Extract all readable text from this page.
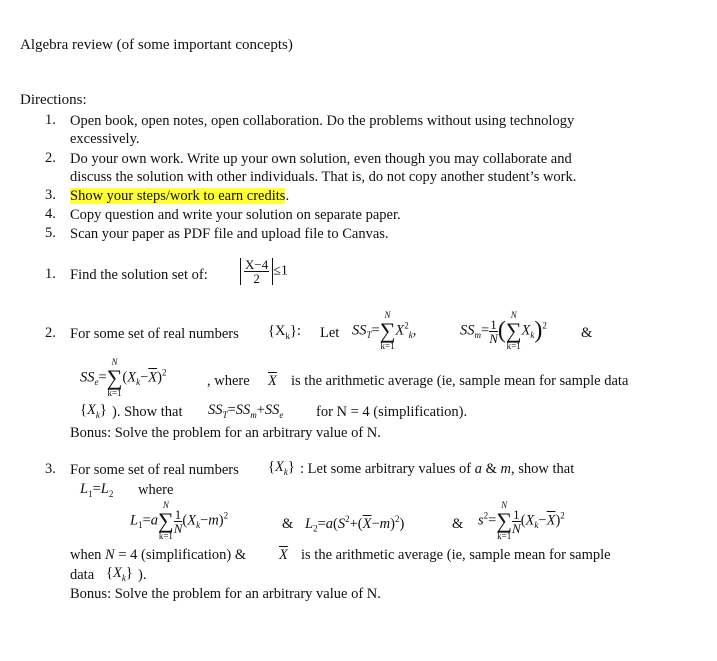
Algebra review (of some important concepts)
Directions:
1. Open book, open notes, open collaboration. Do the problems without using technology
excessively.
2. Do your own work. Write up your own solution, even though you may collaborate and
discuss the solution with other individuals. That is, do not copy another student’s work.
3. Show your steps/work to earn credits.
4. Copy question and write your solution on separate paper.
5. Scan your paper as PDF file and upload file to Canvas.
1. Find the solution set of:	$\frac{X-4}{2} \le 1$
2. For some set of real numbers $\{X_k\}$: Let $SS_T=$
N
∑
k=1
$X^2_k$,	$SS_m= \frac{1}{N}$ (
N
∑
k=1
$X_k)^2$ &
$SS_e=$
N
∑
k=1
$(X_k-\overline{X})^2$
, where $\overline{X}$ is the arithmetic average (ie, sample mean for sample data
$\{X_k\}$ ). Show that $SS_T=SS_m+SS_e$ for N = 4 (simplification).
Bonus: Solve the problem for an arbitrary value of N.
3. For some set of real numbers $\{X_k\}$ : Let some arbitrary values of a & m, show that
$L_1=L_2$ where
$L_1=a$
N
∑
k=1
$\frac{1}{N} (X_k-m)^2$
& $L_2=a(S^2+(\overline{X}-m)^2)$	& $s^2=$
N
∑
k=1
$\frac{1}{N} (X_k-\overline{X})^2$
when N = 4 (simplification) & $\overline{X}$ is the arithmetic average (ie, sample mean for sample
data $\{X_k\}$ ).
Bonus: Solve the problem for an arbitrary value of N.
